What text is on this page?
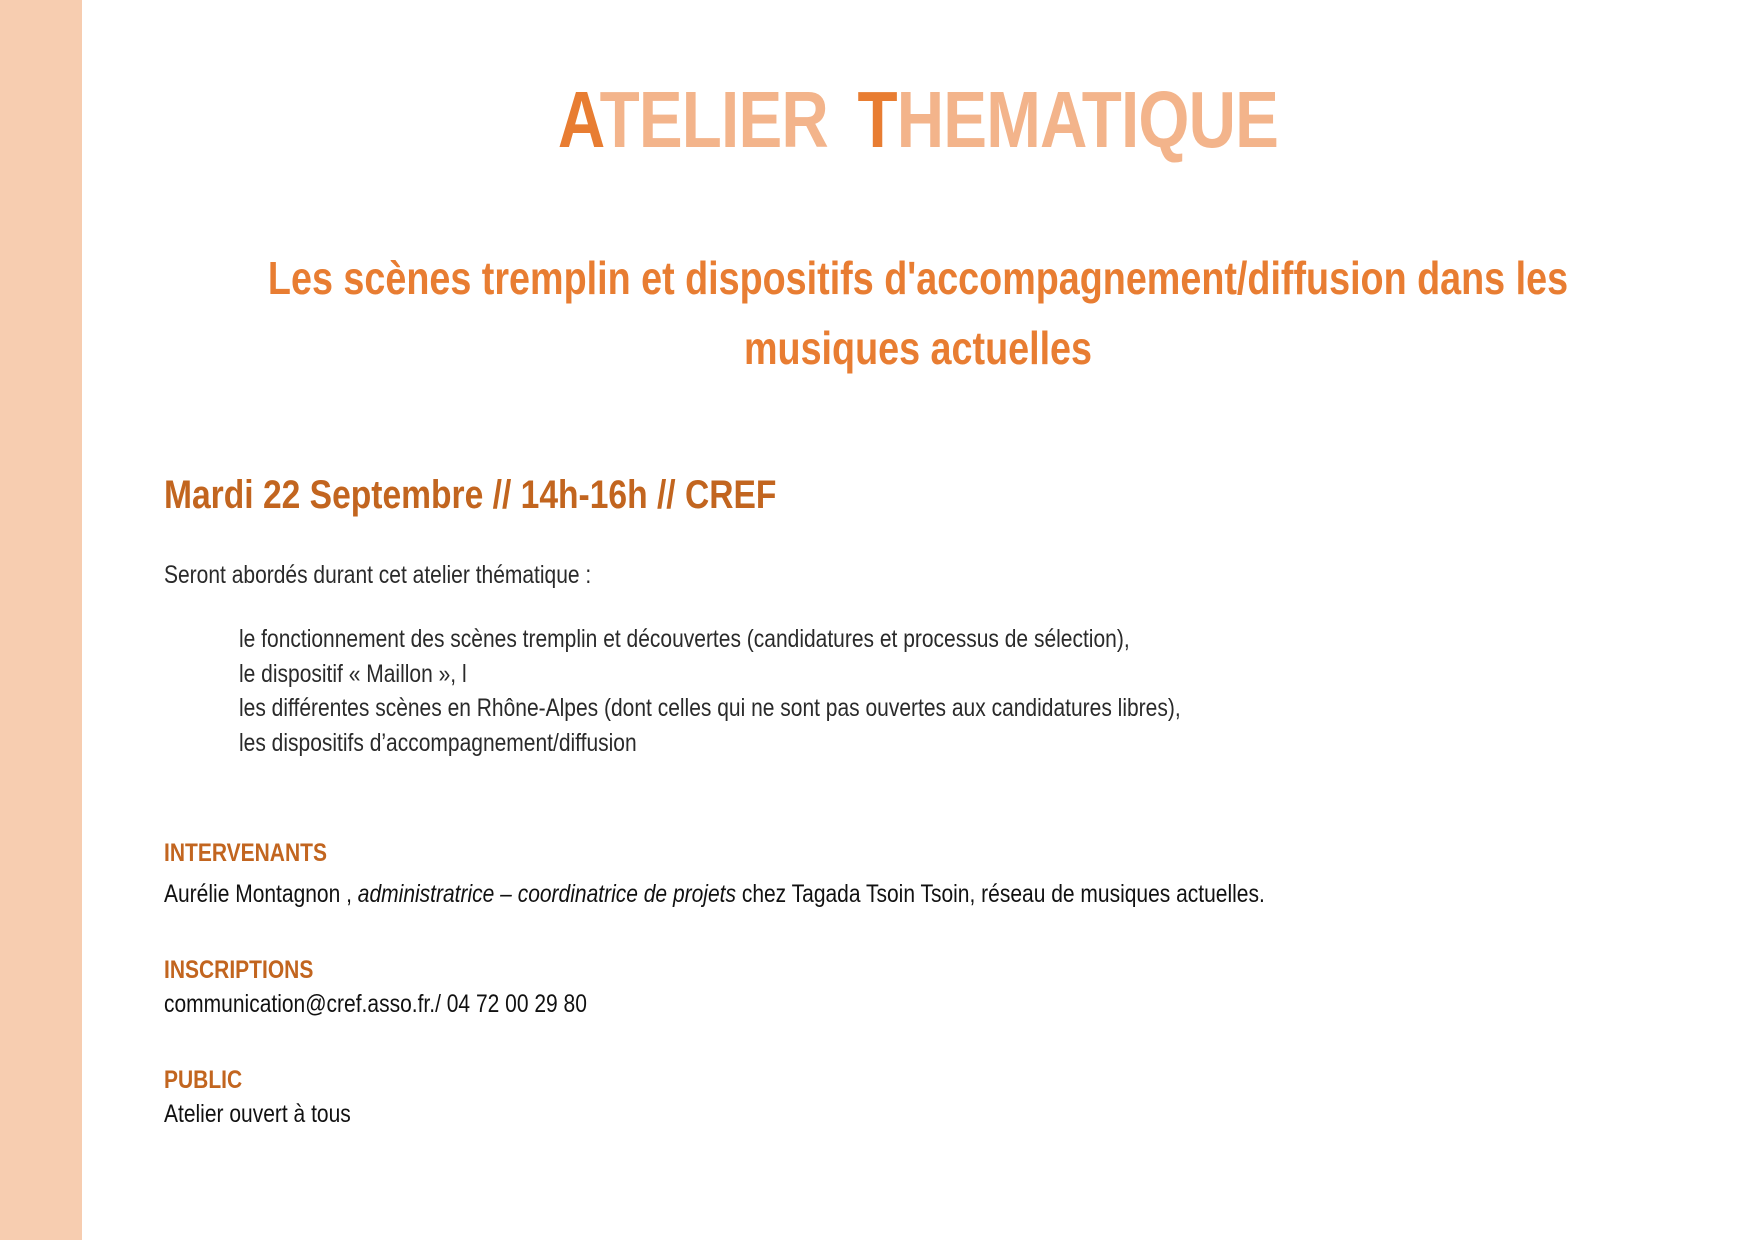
ATELIER THEMATIQUE
Les scènes tremplin et dispositifs d'accompagnement/diffusion dans les
musiques actuelles

Mardi 22 Septembre // 14h-16h // CREF

Seront abordés durant cet atelier thématique :

le fonctionnement des scènes tremplin et découvertes (candidatures et processus de sélection),
le dispositif « Maillon », l
les différentes scènes en Rhône-Alpes (dont celles qui ne sont pas ouvertes aux candidatures libres),
les dispositifs d’accompagnement/diffusion

INTERVENANTS

Aurélie Montagnon , administratrice – coordinatrice de projets chez Tagada Tsoin Tsoin, réseau de musiques actuelles.

INSCRIPTIONS

communication@cref.asso.fr./ 04 72 00 29 80

PUBLIC

Atelier ouvert à tous
